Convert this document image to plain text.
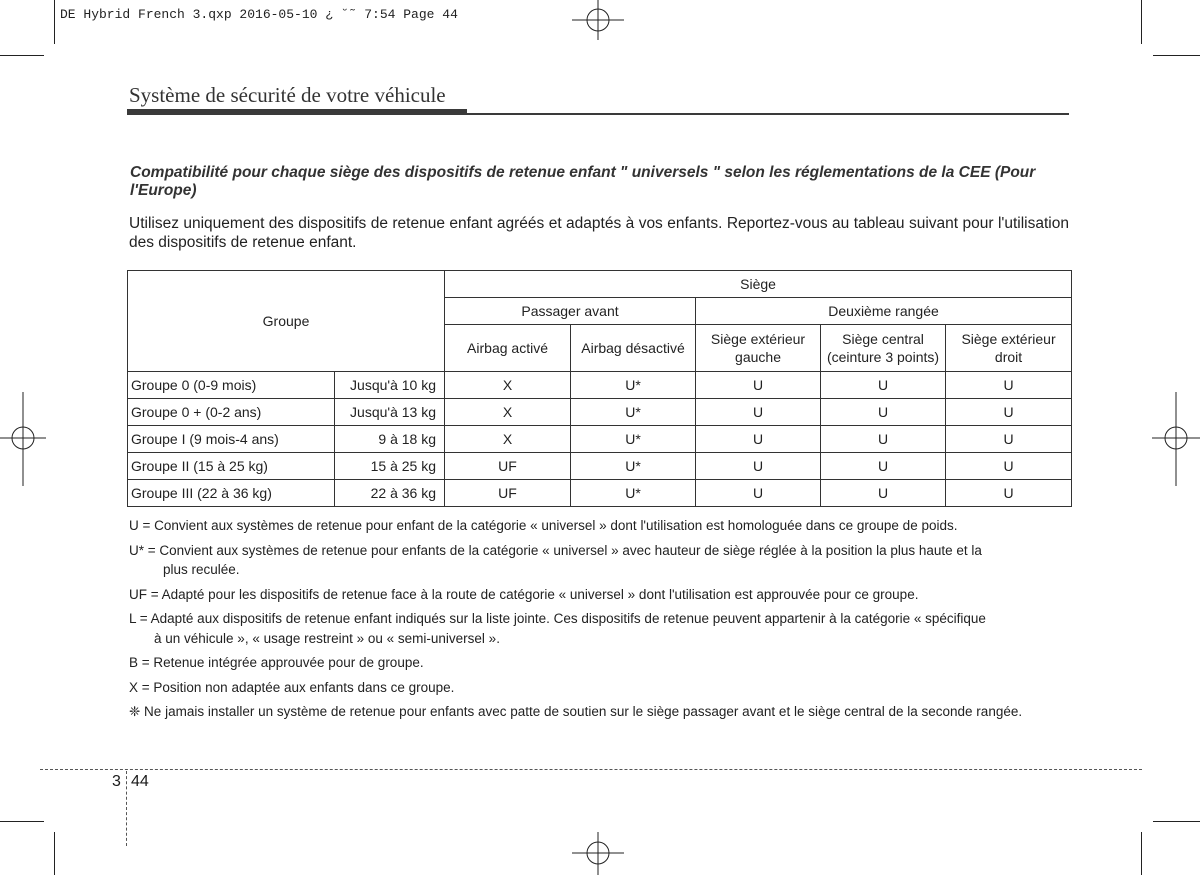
DE Hybrid French 3.qxp 2016-05-10 ¿ ˘˜ 7:54 Page 44
Système de sécurité de votre véhicule
Compatibilité pour chaque siège des dispositifs de retenue enfant " universels " selon les réglementations de la CEE (Pour l'Europe)
Utilisez uniquement des dispositifs de retenue enfant agréés et adaptés à vos enfants. Reportez-vous au tableau suivant pour l'utilisation des dispositifs de retenue enfant.
Groupe		Siège				
		Passager avant		Deuxième rangée		
		Airbag activé	Airbag désactivé	Siège extérieur gauche	Siège central (ceinture 3 points)	Siège extérieur droit
Groupe 0 (0-9 mois)	Jusqu'à 10 kg	X	U*	U	U	U
Groupe 0 + (0-2 ans)	Jusqu'à 13 kg	X	U*	U	U	U
Groupe I (9 mois-4 ans)	9 à 18 kg	X	U*	U	U	U
Groupe II (15 à 25 kg)	15 à 25 kg	UF	U*	U	U	U
Groupe III (22 à 36 kg)	22 à 36 kg	UF	U*	U	U	U
U = Convient aux systèmes de retenue pour enfant de la catégorie « universel » dont l'utilisation est homologuée dans ce groupe de poids.
U* = Convient aux systèmes de retenue pour enfants de la catégorie « universel » avec hauteur de siège réglée à la position la plus haute et la
plus reculée.
UF = Adapté pour les dispositifs de retenue face à la route de catégorie « universel » dont l'utilisation est approuvée pour ce groupe.
L = Adapté aux dispositifs de retenue enfant indiqués sur la liste jointe. Ces dispositifs de retenue peuvent appartenir à la catégorie « spécifique
à un véhicule », « usage restreint » ou « semi-universel ».
B = Retenue intégrée approuvée pour de groupe.
X = Position non adaptée aux enfants dans ce groupe.
❈ Ne jamais installer un système de retenue pour enfants avec patte de soutien sur le siège passager avant et le siège central de la seconde rangée.
3 44
